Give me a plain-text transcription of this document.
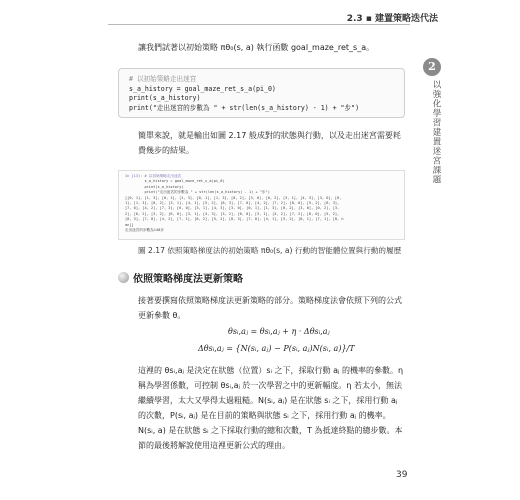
2.3 ▪ 建置策略迭代法
2
以強化學習建置迷宮課題
讓我們試著以初始策略 πθ₀(s, a) 執行函數 goal_maze_ret_s_a。
# 以初始策略走出迷宮
s_a_history = goal_maze_ret_s_a(pi_0)
print(s_a_history)
print("走出迷宮的步數為 " + str(len(s_a_history) - 1) + "步")
簡單來說，就是輸出如圖 2.17 般成對的狀態與行動，以及走出迷宮需要耗費幾步的結果。
In [13]: # 以初始策略走出迷宮
s_a_history = goal_maze_ret_s_a(pi_0)
print(s_a_history)
print("走出迷宮的步數為 " + str(len(s_a_history) - 1) + "步")
[[0, 1], [1, 3], [0, 1], [1, 3], [0, 1], [1, 3], [0, 2], [3, 0], [0, 2], [3, 1], [4, 3], [3, 0], [0,
1], [1, 3], [0, 2], [3, 1], [4, 1], [5, 2], [8, 3], [7, 0], [4, 2], [7, 2], [8, 0], [5, 2], [8, 3],
[7, 0], [4, 2], [7, 3], [6, 0], [3, 1], [4, 3], [3, 0], [0, 1], [1, 3], [0, 2], [3, 0], [0, 2], [3,
2], [6, 2], [3, 2], [6, 0], [3, 1], [4, 3], [3, 2], [6, 0], [3, 1], [4, 2], [7, 2], [8, 0], [5, 2],
[8, 3], [7, 0], [4, 2], [7, 1], [8, 2], [5, 2], [8, 3], [7, 0], [4, 1], [5, 2], [8, 1], [7, 1], [8, n
an]]
走出迷宮的步數為148步
圖 2.17 依照策略梯度法的初始策略 πθ₀(s, a) 行動的智能體位置與行動的履歷
依照策略梯度法更新策略
接著要撰寫依照策略梯度法更新策略的部分。策略梯度法會依照下列的公式更新參數 θ。
θsᵢ,aⱼ = θsᵢ,aⱼ + η · Δθsᵢ,aⱼ
Δθsᵢ,aⱼ = {N(sᵢ, aⱼ) − P(sᵢ, aⱼ)N(sᵢ, a)}/T
這裡的 θsᵢ,aⱼ 是決定在狀態（位置）sᵢ 之下，採取行動 aⱼ 的機率的參數。η 稱為學習係數，可控制 θsᵢ,aⱼ 於一次學習之中的更新幅度。η 若太小，無法繼續學習，太大又學得太過粗糙。N(sᵢ, aⱼ) 是在狀態 sᵢ 之下，採用行動 aⱼ 的次數，P(sᵢ, aⱼ) 是在目前的策略與狀態 sᵢ 之下，採用行動 aⱼ 的機率。N(sᵢ, a) 是在狀態 sᵢ 之下採取行動的總和次數，T 為抵達終點的總步數。本節的最後將解說使用這裡更新公式的理由。
39
